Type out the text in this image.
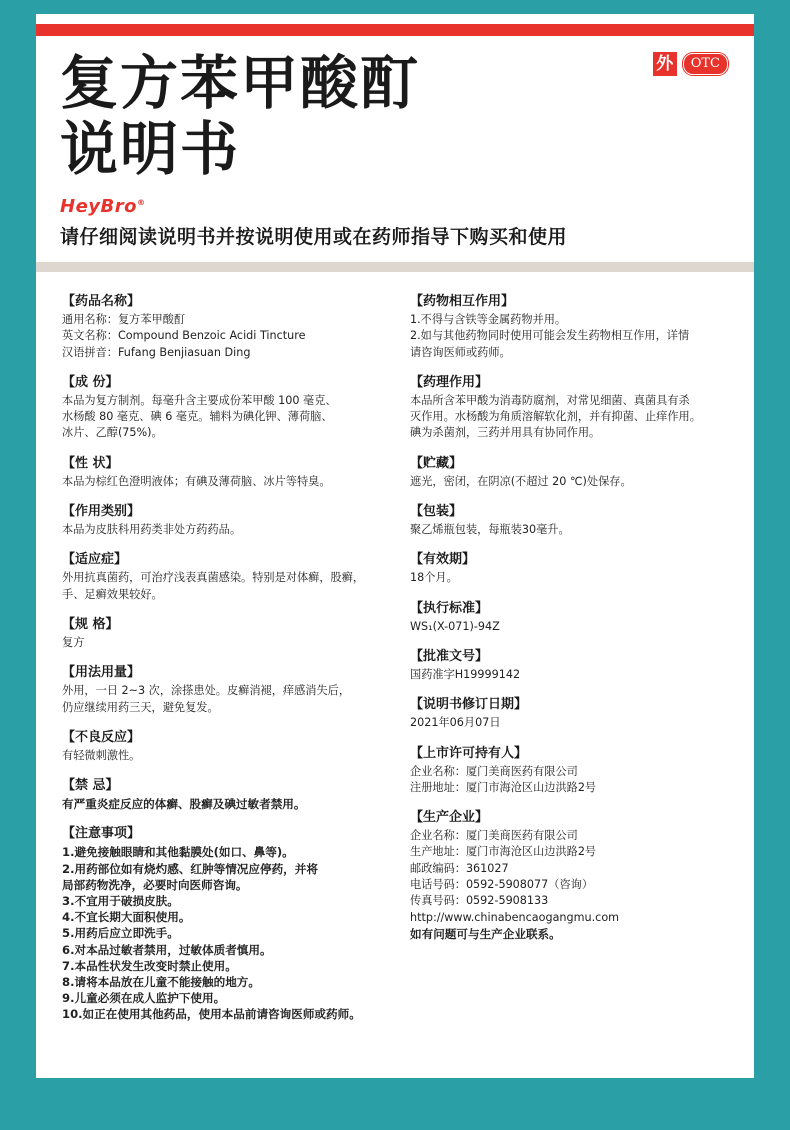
复方苯甲酸酊
说明书
外	OTC
HeyBro®
请仔细阅读说明书并按说明使用或在药师指导下购买和使用
【药品名称】
通用名称：复方苯甲酸酊
英文名称：Compound Benzoic Acidi Tincture
汉语拼音：Fufang Benjiasuan Ding
【成 份】
本品为复方制剂。每毫升含主要成份苯甲酸 100 毫克、
水杨酸 80 毫克、碘 6 毫克。辅料为碘化钾、薄荷脑、
冰片、乙醇(75%)。
【性 状】
本品为棕红色澄明液体；有碘及薄荷脑、冰片等特臭。
【作用类别】
本品为皮肤科用药类非处方药药品。
【适应症】
外用抗真菌药，可治疗浅表真菌感染。特别是对体癣，股癣，
手、足癣效果较好。
【规 格】
复方
【用法用量】
外用，一日 2~3 次，涂搽患处。皮癣消褪，痒感消失后，
仍应继续用药三天，避免复发。
【不良反应】
有轻微刺激性。
【禁 忌】
有严重炎症反应的体癣、股癣及碘过敏者禁用。
【注意事项】
1.避免接触眼睛和其他黏膜处(如口、鼻等)。
2.用药部位如有烧灼感、红肿等情况应停药，并将
局部药物洗净，必要时向医师咨询。
3.不宜用于破损皮肤。
4.不宜长期大面积使用。
5.用药后应立即洗手。
6.对本品过敏者禁用，过敏体质者慎用。
7.本品性状发生改变时禁止使用。
8.请将本品放在儿童不能接触的地方。
9.儿童必须在成人监护下使用。
10.如正在使用其他药品，使用本品前请咨询医师或药师。
【药物相互作用】
1.不得与含铁等金属药物并用。
2.如与其他药物同时使用可能会发生药物相互作用，详情
请咨询医师或药师。
【药理作用】
本品所含苯甲酸为消毒防腐剂，对常见细菌、真菌具有杀
灭作用。水杨酸为角质溶解软化剂，并有抑菌、止痒作用。
碘为杀菌剂，三药并用具有协同作用。
【贮藏】
遮光，密闭，在阴凉(不超过 20 ℃)处保存。
【包装】
聚乙烯瓶包装，每瓶装30毫升。
【有效期】
18个月。
【执行标准】
WS₁(X-071)-94Z
【批准文号】
国药准字H19999142
【说明书修订日期】
2021年06月07日
【上市许可持有人】
企业名称：厦门美商医药有限公司
注册地址：厦门市海沧区山边洪路2号
【生产企业】
企业名称：厦门美商医药有限公司
生产地址：厦门市海沧区山边洪路2号
邮政编码：361027
电话号码：0592-5908077（咨询）
传真号码：0592-5908133
http://www.chinabencaogangmu.com
如有问题可与生产企业联系。
